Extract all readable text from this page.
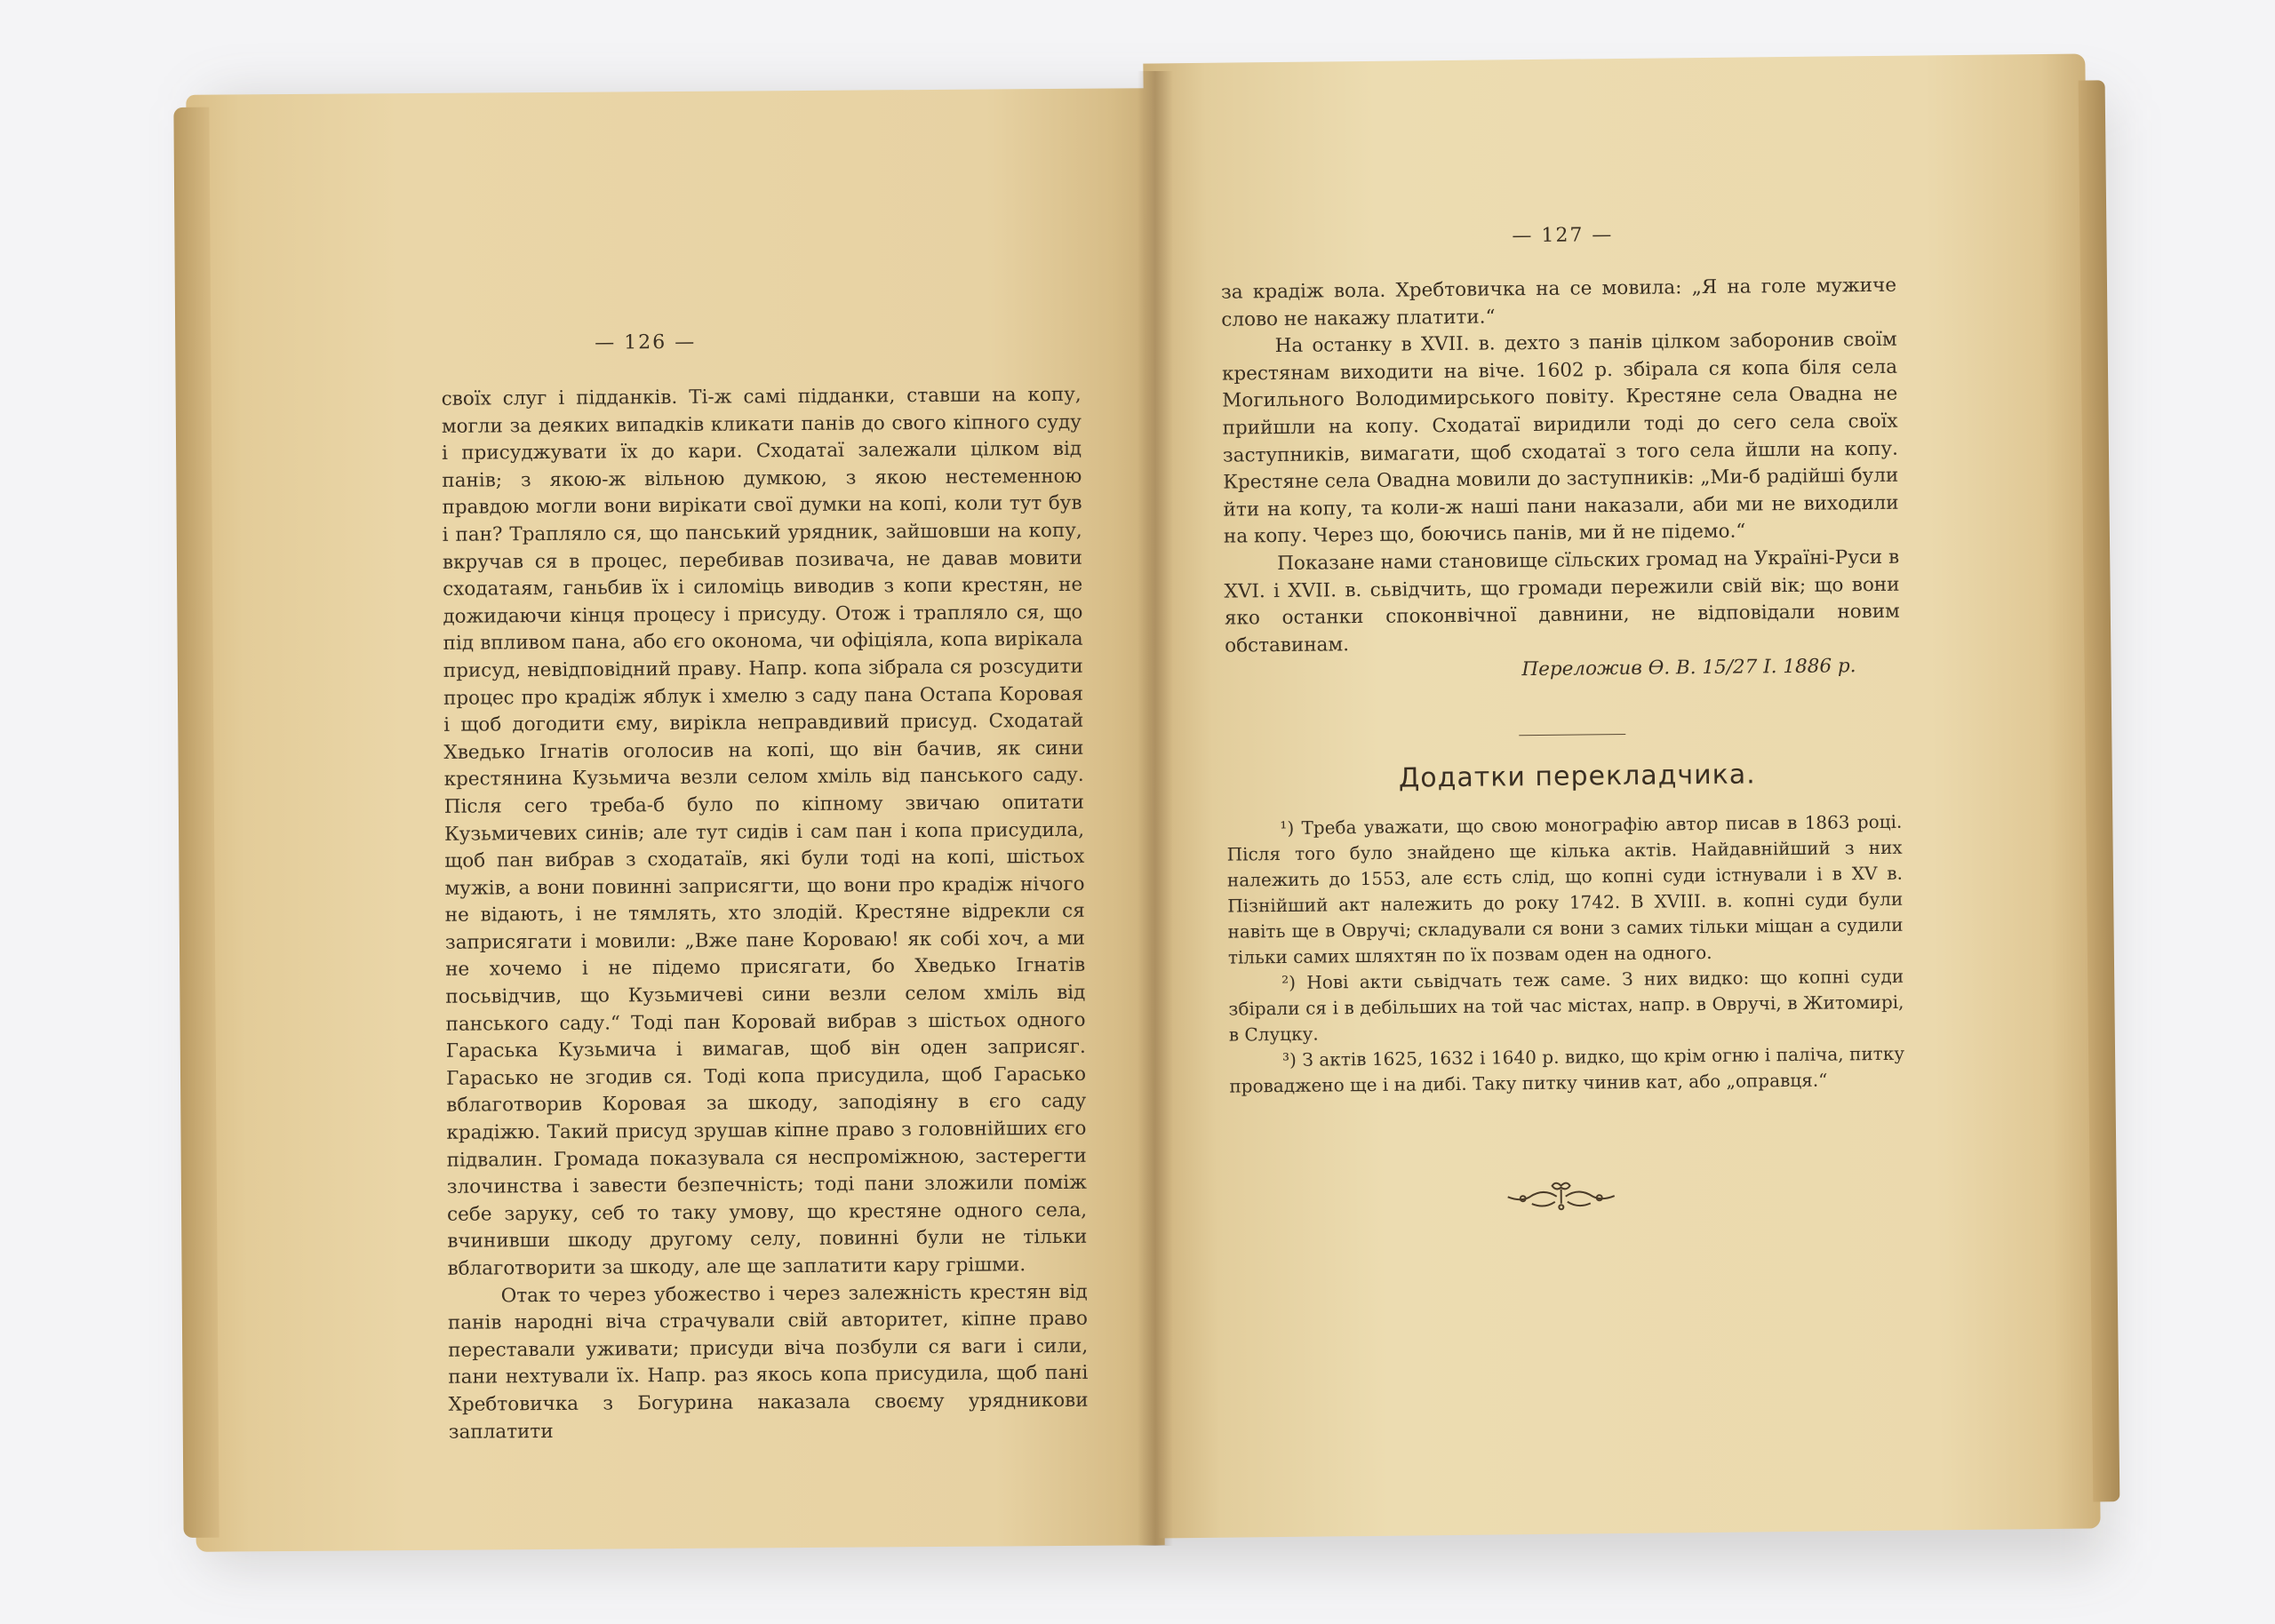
— 126 —

своїх слуг і підданків. Ті-ж самі підданки, ставши на копу, могли за деяких випадків кликати панів до свого кіпного суду і присуджувати їх до кари. Сходатаї залежали цілком від панів; з якою-ж вільною думкою, з якою нестеменною правдою могли вони вирікати свої думки на копі, коли тут був і пан? Трапляло ся, що панський урядник, зайшовши на копу, вкручав ся в процес, перебивав позивача, не давав мовити сходатаям, ганьбив їх і силоміць виводив з копи крестян, не дожидаючи кінця процесу і присуду. Отож і трапляло ся, що під впливом пана, або єго оконома, чи офіціяла, копа вирікала присуд, невідповідний праву. Напр. копа зібрала ся розсудити процес про крадіж яблук і хмелю з саду пана Остапа Коровая і щоб догодити єму, вирікла неправдивий присуд. Сходатай Хведько Ігнатів оголосив на копі, що він бачив, як сини крестянина Кузьмича везли селом хміль від панського саду. Після сего треба-б було по кіпному звичаю опитати Кузьмичевих синів; але тут сидів і сам пан і копа присудила, щоб пан вибрав з сходатаїв, які були тоді на копі, шістьох мужів, а вони повинні заприсягти, що вони про крадіж нічого не відають, і не тямлять, хто злодій. Крестяне відрекли ся заприсягати і мовили: „Вже пане Короваю! як собі хоч, а ми не хочемо і не підемо присягати, бо Хведько Ігнатів посьвідчив, що Кузьмичеві сини везли селом хміль від панського саду.“ Тоді пан Коровай вибрав з шістьох одного Гараська Кузьмича і вимагав, щоб він оден заприсяг. Гарасько не згодив ся. Тоді копа присудила, щоб Гарасько вблаготворив Коровая за шкоду, заподіяну в єго саду крадіжю. Такий присуд зрушав кіпне право з головнійших єго підвалин. Громада показувала ся неспроміжною, застерегти злочинства і завести безпечність; тоді пани зложили поміж себе заруку, себ то таку умову, що крестяне одного села, вчинивши шкоду другому селу, повинні були не тільки вблаготворити за шкоду, але ще заплатити кару грішми.

Отак то через убожество і через залежність крестян від панів народні віча страчували свій авторитет, кіпне право переставали уживати; присуди віча позбули ся ваги і сили, пани нехтували їх. Напр. раз якось копа присудила, щоб пані Хребтовичка з Богурина наказала своєму урядникови заплатити

— 127 —

за крадіж вола. Хребтовичка на се мовила: „Я на голе мужиче слово не накажу платити.“

На останку в XVII. в. дехто з панів цілком заборонив своїм крестянам виходити на віче. 1602 р. збірала ся копа біля села Могильного Володимирського повіту. Крестяне села Овадна не прийшли на копу. Сходатаї виридили тоді до сего села своїх заступників, вимагати, щоб сходатаї з того села йшли на копу. Крестяне села Овадна мовили до заступників: „Ми-б радійші були йти на копу, та коли-ж наші пани наказали, аби ми не виходили на копу. Через що, боючись панів, ми й не підемо.“

Показане нами становище сїльских громад на Україні-Руси в XVI. і XVII. в. сьвідчить, що громади пережили свій вік; що вони яко останки споконвічної давнини, не відповідали новим обставинам.

Переложив Ө. В. 15/27 І. 1886 р.

Додатки перекладчика.

¹) Треба уважати, що свою монографію автор писав в 1863 році. Після того було знайдено ще кілька актів. Найдавнійший з них належить до 1553, але єсть слід, що копні суди істнували і в XV в. Пізнійший акт належить до року 1742. В XVIII. в. копні суди були навіть ще в Овручі; складували ся вони з самих тільки міщан а судили тільки самих шляхтян по їх позвам оден на одного.

²) Нові акти сьвідчать теж саме. З них видко: що копні суди збірали ся і в дебільших на той час містах, напр. в Овручі, в Житомирі, в Слуцку.

³) З актів 1625, 1632 і 1640 р. видко, що крім огню і паліча, питку провадженo ще і на дибі. Таку питку чинив кат, або „оправця.“
